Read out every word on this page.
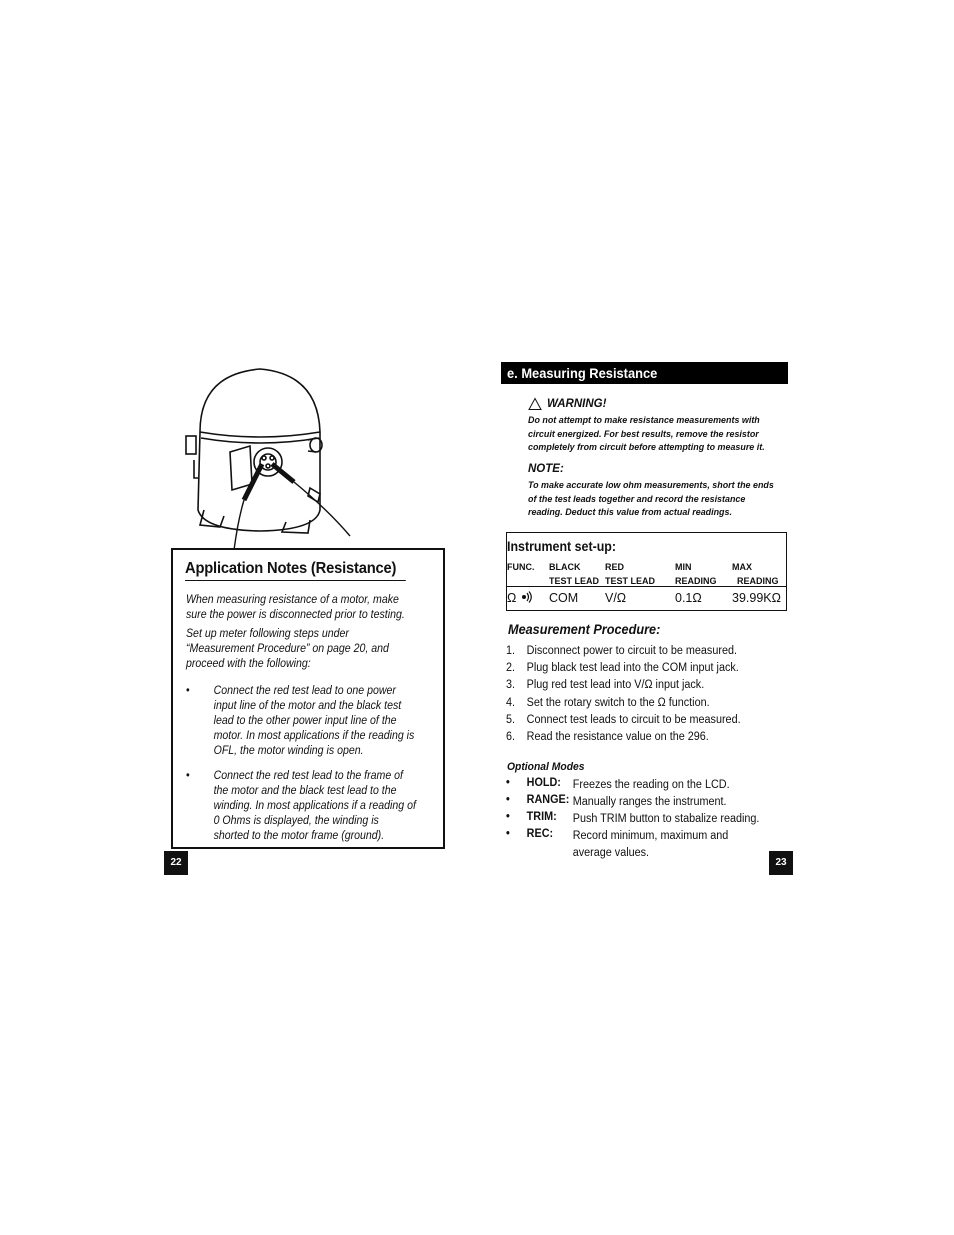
Application Notes (Resistance)
When measuring resistance of a motor, make sure the power is disconnected prior to testing.
Set up meter following steps under “Measurement Procedure” on page 20, and proceed with the following:
• Connect the red test lead to one power input line of the motor and the black test lead to the other power input line of the motor. In most applications if the reading is OFL, the motor winding is open.
• Connect the red test lead to the frame of the motor and the black test lead to the winding. In most applications if a reading of 0 Ohms is displayed, the winding is shorted to the motor frame (ground).
22
e. Measuring Resistance
WARNING!
Do not attempt to make resistance measurements with circuit energized. For best results, remove the resistor completely from circuit before attempting to measure it.
NOTE:
To make accurate low ohm measurements, short the ends of the test leads together and record the resistance reading. Deduct this value from actual readings.
Instrument set-up:
FUNC. BLACK
TEST LEAD
RED
TEST LEAD
MIN
READING
MAX
READING
Ω	COM V/Ω	0.1Ω 39.99KΩ
Measurement Procedure:
1. Disconnect power to circuit to be measured.
2. Plug black test lead into the COM input jack.
3. Plug red test lead into V/Ω input jack.
4. Set the rotary switch to the Ω function.
5. Connect test leads to circuit to be measured.
6. Read the resistance value on the 296.
Optional Modes
• HOLD: Freezes the reading on the LCD.
• RANGE: Manually ranges the instrument.
• TRIM: Push TRIM button to stabalize reading.
• REC: Record minimum, maximum and average values.
23
